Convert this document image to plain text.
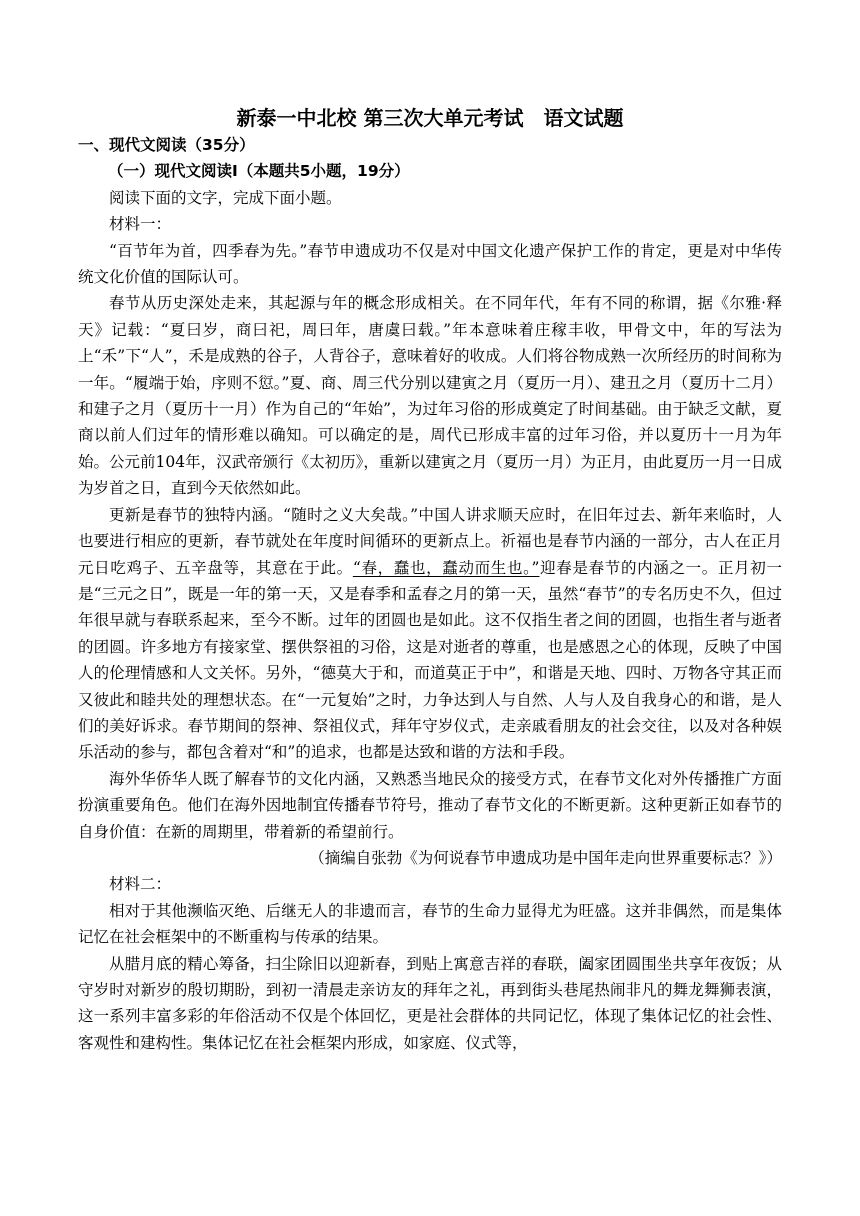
新泰一中北校 第三次大单元考试　语文试题
一、现代文阅读（35分）
（一）现代文阅读Ⅰ（本题共5小题，19分）

阅读下面的文字，完成下面小题。

材料一：

“百节年为首，四季春为先。”春节申遗成功不仅是对中国文化遗产保护工作的肯定，更是对中华传统文化价值的国际认可。

春节从历史深处走来，其起源与年的概念形成相关。在不同年代，年有不同的称谓，据《尔雅·释天》记载：“夏曰岁，商曰祀，周曰年，唐虞曰载。”年本意味着庄稼丰收，甲骨文中，年的写法为上“禾”下“人”，禾是成熟的谷子，人背谷子，意味着好的收成。人们将谷物成熟一次所经历的时间称为一年。“履端于始，序则不愆。”夏、商、周三代分别以建寅之月（夏历一月）、建丑之月（夏历十二月）和建子之月（夏历十一月）作为自己的“年始”，为过年习俗的形成奠定了时间基础。由于缺乏文献，夏商以前人们过年的情形难以确知。可以确定的是，周代已形成丰富的过年习俗，并以夏历十一月为年始。公元前104年，汉武帝颁行《太初历》，重新以建寅之月（夏历一月）为正月，由此夏历一月一日成为岁首之日，直到今天依然如此。

更新是春节的独特内涵。“随时之义大矣哉。”中国人讲求顺天应时，在旧年过去、新年来临时，人也要进行相应的更新，春节就处在年度时间循环的更新点上。祈福也是春节内涵的一部分，古人在正月元日吃鸡子、五辛盘等，其意在于此。“春，蠢也，蠢动而生也。”迎春是春节的内涵之一。正月初一是“三元之日”，既是一年的第一天，又是春季和孟春之月的第一天，虽然“春节”的专名历史不久，但过年很早就与春联系起来，至今不断。过年的团圆也是如此。这不仅指生者之间的团圆，也指生者与逝者的团圆。许多地方有接家堂、摆供祭祖的习俗，这是对逝者的尊重，也是感恩之心的体现，反映了中国人的伦理情感和人文关怀。另外，“德莫大于和，而道莫正于中”，和谐是天地、四时、万物各守其正而又彼此和睦共处的理想状态。在“一元复始”之时，力争达到人与自然、人与人及自我身心的和谐，是人们的美好诉求。春节期间的祭神、祭祖仪式，拜年守岁仪式，走亲戚看朋友的社会交往，以及对各种娱乐活动的参与，都包含着对“和”的追求，也都是达致和谐的方法和手段。

海外华侨华人既了解春节的文化内涵，又熟悉当地民众的接受方式，在春节文化对外传播推广方面扮演重要角色。他们在海外因地制宜传播春节符号，推动了春节文化的不断更新。这种更新正如春节的自身价值：在新的周期里，带着新的希望前行。

（摘编自张勃《为何说春节申遗成功是中国年走向世界重要标志？》）

材料二：

相对于其他濒临灭绝、后继无人的非遗而言，春节的生命力显得尤为旺盛。这并非偶然，而是集体记忆在社会框架中的不断重构与传承的结果。

从腊月底的精心筹备，扫尘除旧以迎新春，到贴上寓意吉祥的春联，阖家团圆围坐共享年夜饭；从守岁时对新岁的殷切期盼，到初一清晨走亲访友的拜年之礼，再到街头巷尾热闹非凡的舞龙舞狮表演，这一系列丰富多彩的年俗活动不仅是个体回忆，更是社会群体的共同记忆，体现了集体记忆的社会性、客观性和建构性。集体记忆在社会框架内形成，如家庭、仪式等，
